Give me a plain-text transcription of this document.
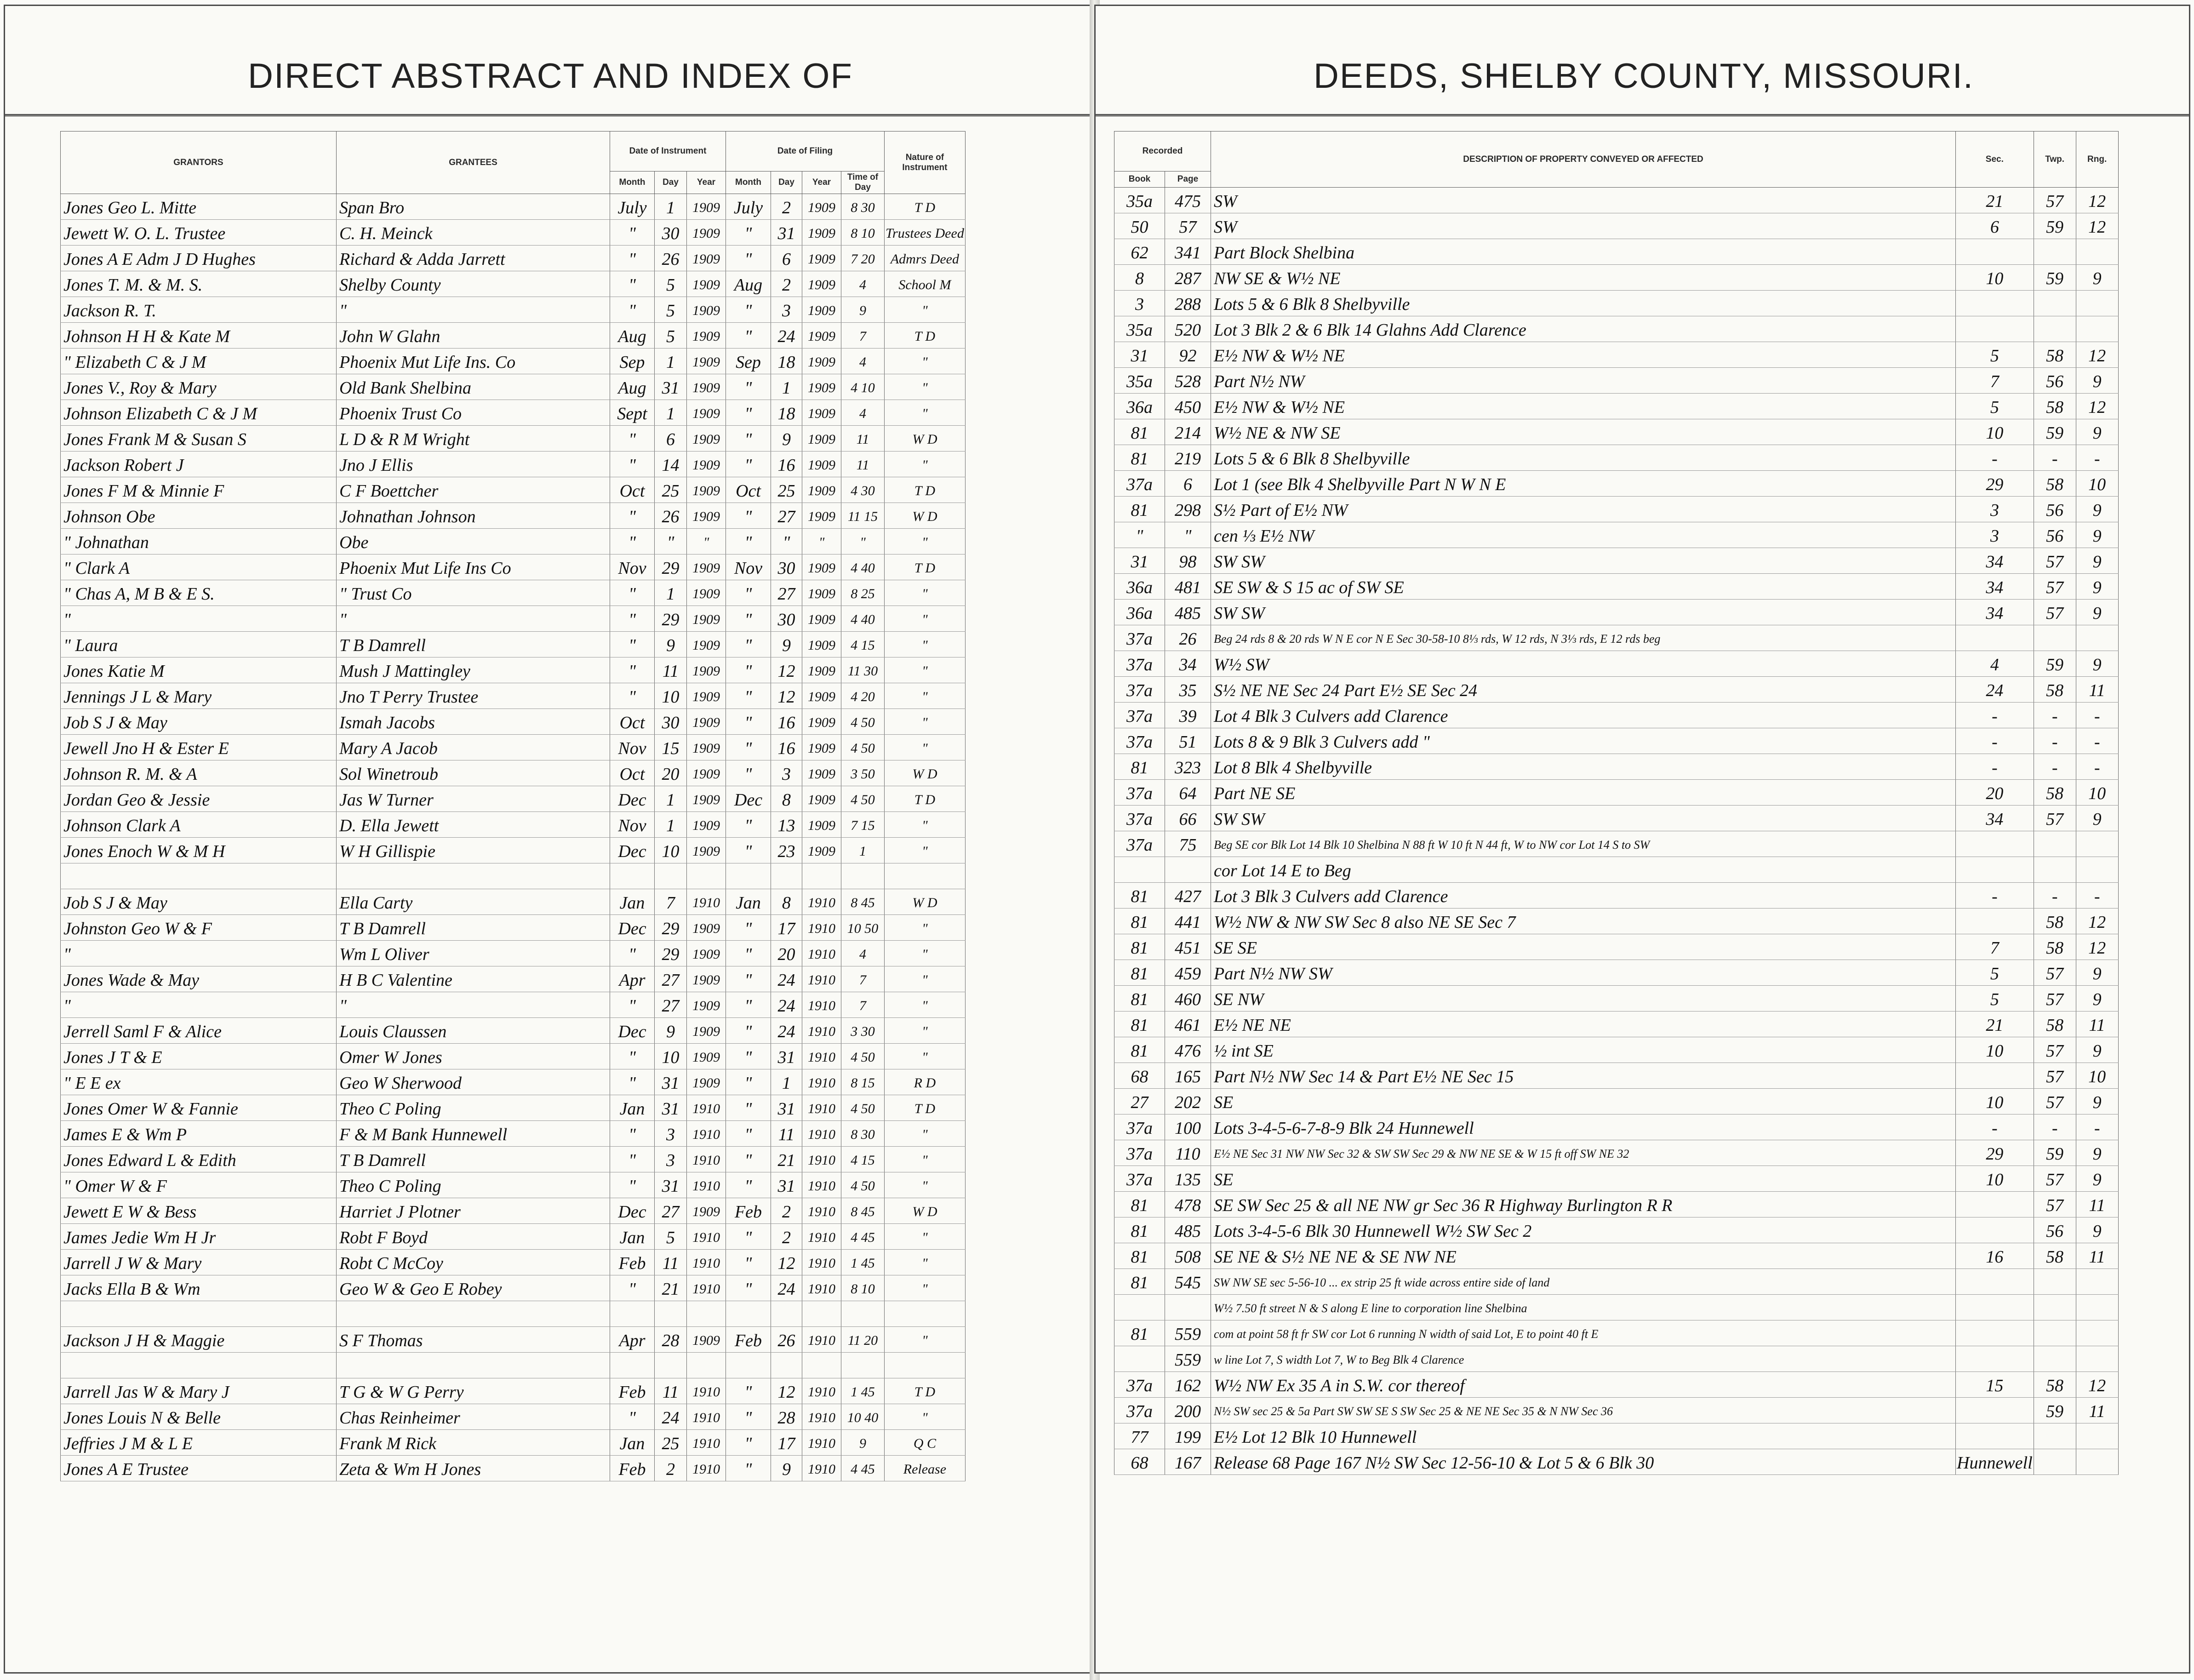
DIRECT ABSTRACT AND INDEX OF
GRANTORS	GRANTEES	Date of Instrument			Date of Filing				Nature of Instrument
		Month	Day	Year	Month	Day	Year	Time of Day	
Jones Geo L. Mitte	Span Bro	July	1	1909	July	2	1909	8 30	T D
Jewett W. O. L. Trustee	C. H. Meinck	"	30	1909	"	31	1909	8 10	Trustees Deed
Jones A E Adm J D Hughes	Richard & Adda Jarrett	"	26	1909	"	6	1909	7 20	Admrs Deed
Jones T. M. & M. S.	Shelby County	"	5	1909	Aug	2	1909	4	School M
Jackson R. T.	"	"	5	1909	"	3	1909	9	"
Johnson H H & Kate M	John W Glahn	Aug	5	1909	"	24	1909	7	T D
" Elizabeth C & J M	Phoenix Mut Life Ins. Co	Sep	1	1909	Sep	18	1909	4	"
Jones V., Roy & Mary	Old Bank Shelbina	Aug	31	1909	"	1	1909	4 10	"
Johnson Elizabeth C & J M	Phoenix Trust Co	Sept	1	1909	"	18	1909	4	"
Jones Frank M & Susan S	L D & R M Wright	"	6	1909	"	9	1909	11	W D
Jackson Robert J	Jno J Ellis	"	14	1909	"	16	1909	11	"
Jones F M & Minnie F	C F Boettcher	Oct	25	1909	Oct	25	1909	4 30	T D
Johnson Obe	Johnathan Johnson	"	26	1909	"	27	1909	11 15	W D
" Johnathan	Obe	"	"	"	"	"	"	"	"
" Clark A	Phoenix Mut Life Ins Co	Nov	29	1909	Nov	30	1909	4 40	T D
" Chas A, M B & E S.	" Trust Co	"	1	1909	"	27	1909	8 25	"
"	"	"	29	1909	"	30	1909	4 40	"
" Laura	T B Damrell	"	9	1909	"	9	1909	4 15	"
Jones Katie M	Mush J Mattingley	"	11	1909	"	12	1909	11 30	"
Jennings J L & Mary	Jno T Perry Trustee	"	10	1909	"	12	1909	4 20	"
Job S J & May	Ismah Jacobs	Oct	30	1909	"	16	1909	4 50	"
Jewell Jno H & Ester E	Mary A Jacob	Nov	15	1909	"	16	1909	4 50	"
Johnson R. M. & A	Sol Winetroub	Oct	20	1909	"	3	1909	3 50	W D
Jordan Geo & Jessie	Jas W Turner	Dec	1	1909	Dec	8	1909	4 50	T D
Johnson Clark A	D. Ella Jewett	Nov	1	1909	"	13	1909	7 15	"
Jones Enoch W & M H	W H Gillispie	Dec	10	1909	"	23	1909	1	"

Job S J & May	Ella Carty	Jan	7	1910	Jan	8	1910	8 45	W D
Johnston Geo W & F	T B Damrell	Dec	29	1909	"	17	1910	10 50	"
"	Wm L Oliver	"	29	1909	"	20	1910	4	"
Jones Wade & May	H B C Valentine	Apr	27	1909	"	24	1910	7	"
"	"	"	27	1909	"	24	1910	7	"
Jerrell Saml F & Alice	Louis Claussen	Dec	9	1909	"	24	1910	3 30	"
Jones J T & E	Omer W Jones	"	10	1909	"	31	1910	4 50	"
" E E ex	Geo W Sherwood	"	31	1909	"	1	1910	8 15	R D
Jones Omer W & Fannie	Theo C Poling	Jan	31	1910	"	31	1910	4 50	T D
James E & Wm P	F & M Bank Hunnewell	"	3	1910	"	11	1910	8 30	"
Jones Edward L & Edith	T B Damrell	"	3	1910	"	21	1910	4 15	"
" Omer W & F	Theo C Poling	"	31	1910	"	31	1910	4 50	"
Jewett E W & Bess	Harriet J Plotner	Dec	27	1909	Feb	2	1910	8 45	W D
James Jedie Wm H Jr	Robt F Boyd	Jan	5	1910	"	2	1910	4 45	"
Jarrell J W & Mary	Robt C McCoy	Feb	11	1910	"	12	1910	1 45	"
Jacks Ella B & Wm	Geo W & Geo E Robey	"	21	1910	"	24	1910	8 10	"

Jackson J H & Maggie	S F Thomas	Apr	28	1909	Feb	26	1910	11 20	"

Jarrell Jas W & Mary J	T G & W G Perry	Feb	11	1910	"	12	1910	1 45	T D
Jones Louis N & Belle	Chas Reinheimer	"	24	1910	"	28	1910	10 40	"
Jeffries J M & L E	Frank M Rick	Jan	25	1910	"	17	1910	9	Q C
Jones A E Trustee	Zeta & Wm H Jones	Feb	2	1910	"	9	1910	4 45	Release
DEEDS, SHELBY COUNTY, MISSOURI.
Recorded		DESCRIPTION OF PROPERTY CONVEYED OR AFFECTED	Sec.	Twp.	Rng.
Book	Page				
35a	475	SW	21	57	12
50	57	SW	6	59	12
62	341	Part Block Shelbina			
8	287	NW SE & W½ NE	10	59	9
3	288	Lots 5 & 6 Blk 8 Shelbyville			
35a	520	Lot 3 Blk 2 & 6 Blk 14 Glahns Add Clarence			
31	92	E½ NW & W½ NE	5	58	12
35a	528	Part N½ NW	7	56	9
36a	450	E½ NW & W½ NE	5	58	12
81	214	W½ NE & NW SE	10	59	9
81	219	Lots 5 & 6 Blk 8 Shelbyville	-	-	-
37a	6	Lot 1 (see Blk 4 Shelbyville Part N W N E	29	58	10
81	298	S½ Part of E½ NW	3	56	9
"	"	cen ⅓ E½ NW	3	56	9
31	98	SW SW	34	57	9
36a	481	SE SW & S 15 ac of SW SE	34	57	9
36a	485	SW SW	34	57	9
37a	26	Beg 24 rds 8 & 20 rds W N E cor N E Sec 30-58-10 8⅓ rds, W 12 rds, N 3⅓ rds, E 12 rds beg			
37a	34	W½ SW	4	59	9
37a	35	S½ NE NE Sec 24 Part E½ SE Sec 24	24	58	11
37a	39	Lot 4 Blk 3 Culvers add Clarence	-	-	-
37a	51	Lots 8 & 9 Blk 3 Culvers add "	-	-	-
81	323	Lot 8 Blk 4 Shelbyville	-	-	-
37a	64	Part NE SE	20	58	10
37a	66	SW SW	34	57	9
37a	75	Beg SE cor Blk Lot 14 Blk 10 Shelbina N 88 ft W 10 ft N 44 ft, W to NW cor Lot 14 S to SW			
		cor Lot 14 E to Beg			
81	427	Lot 3 Blk 3 Culvers add Clarence	-	-	-
81	441	W½ NW & NW SW Sec 8 also NE SE Sec 7		58	12
81	451	SE SE	7	58	12
81	459	Part N½ NW SW	5	57	9
81	460	SE NW	5	57	9
81	461	E½ NE NE	21	58	11
81	476	½ int SE	10	57	9
68	165	Part N½ NW Sec 14 & Part E½ NE Sec 15		57	10
27	202	SE	10	57	9
37a	100	Lots 3-4-5-6-7-8-9 Blk 24 Hunnewell	-	-	-
37a	110	E½ NE Sec 31 NW NW Sec 32 & SW SW Sec 29 & NW NE SE & W 15 ft off SW NE 32	29	59	9
37a	135	SE	10	57	9
81	478	SE SW Sec 25 & all NE NW gr Sec 36 R Highway Burlington R R		57	11
81	485	Lots 3-4-5-6 Blk 30 Hunnewell W½ SW Sec 2		56	9
81	508	SE NE & S½ NE NE & SE NW NE	16	58	11
81	545	SW NW SE sec 5-56-10 ... ex strip 25 ft wide across entire side of land			
		W½ 7.50 ft street N & S along E line to corporation line Shelbina			
81	559	com at point 58 ft fr SW cor Lot 6 running N width of said Lot, E to point 40 ft E			
	559	w line Lot 7, S width Lot 7, W to Beg Blk 4 Clarence			
37a	162	W½ NW Ex 35 A in S.W. cor thereof	15	58	12
37a	200	N½ SW sec 25 & 5a Part SW SW SE S SW Sec 25 & NE NE Sec 35 & N NW Sec 36		59	11
77	199	E½ Lot 12 Blk 10 Hunnewell			
68	167	Release 68 Page 167 N½ SW Sec 12-56-10 & Lot 5 & 6 Blk 30	Hunnewell		
